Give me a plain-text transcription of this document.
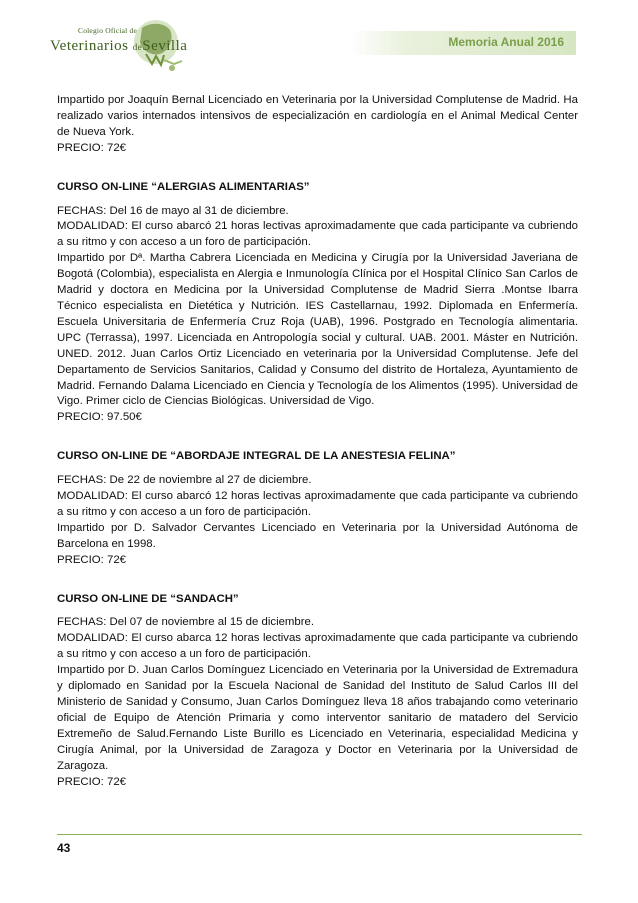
Colegio Oficial de
Veterinarios deSevilla	Memoria Anual 2016

Impartido por Joaquín Bernal Licenciado en Veterinaria por la Universidad Complutense de Madrid. Ha realizado varios internados intensivos de especialización en cardiología en el Animal Medical Center de Nueva York.

PRECIO: 72€

CURSO ON-LINE “ALERGIAS ALIMENTARIAS”

FECHAS: Del 16 de mayo al 31 de diciembre.

MODALIDAD: El curso abarcó 21 horas lectivas aproximadamente que cada participante va cubriendo a su ritmo y con acceso a un foro de participación.

Impartido por Dª. Martha Cabrera Licenciada en Medicina y Cirugía por la Universidad Javeriana de Bogotá (Colombia), especialista en Alergia e Inmunología Clínica por el Hospital Clínico San Carlos de Madrid y doctora en Medicina por la Universidad Complutense de Madrid Sierra .Montse Ibarra Técnico especialista en Dietética y Nutrición. IES Castellarnau, 1992. Diplomada en Enfermería. Escuela Universitaria de Enfermería Cruz Roja (UAB), 1996. Postgrado en Tecnología alimentaria. UPC (Terrassa), 1997. Licenciada en Antropología social y cultural. UAB. 2001. Máster en Nutrición. UNED. 2012. Juan Carlos Ortiz Licenciado en veterinaria por la Universidad Complutense. Jefe del Departamento de Servicios Sanitarios, Calidad y Consumo del distrito de Hortaleza, Ayuntamiento de Madrid. Fernando Dalama Licenciado en Ciencia y Tecnología de los Alimentos (1995). Universidad de Vigo. Primer ciclo de Ciencias Biológicas. Universidad de Vigo.

PRECIO: 97.50€

CURSO ON-LINE DE “ABORDAJE INTEGRAL DE LA ANESTESIA FELINA”

FECHAS: De 22 de noviembre al 27 de diciembre.

MODALIDAD: El curso abarcó 12 horas lectivas aproximadamente que cada participante va cubriendo a su ritmo y con acceso a un foro de participación.

Impartido por D. Salvador Cervantes Licenciado en Veterinaria por la Universidad Autónoma de Barcelona en 1998.

PRECIO: 72€

CURSO ON-LINE DE “SANDACH”

FECHAS: Del 07 de noviembre al 15 de diciembre.

MODALIDAD: El curso abarca 12 horas lectivas aproximadamente que cada participante va cubriendo a su ritmo y con acceso a un foro de participación.

Impartido por D. Juan Carlos Domínguez Licenciado en Veterinaria por la Universidad de Extremadura y diplomado en Sanidad por la Escuela Nacional de Sanidad del Instituto de Salud Carlos III del Ministerio de Sanidad y Consumo, Juan Carlos Domínguez lleva 18 años trabajando como veterinario oficial de Equipo de Atención Primaria y como interventor sanitario de matadero del Servicio Extremeño de Salud.Fernando Liste Burillo es Licenciado en Veterinaria, especialidad Medicina y Cirugía Animal, por la Universidad de Zaragoza y Doctor en Veterinaria por la Universidad de Zaragoza.

PRECIO: 72€

43
